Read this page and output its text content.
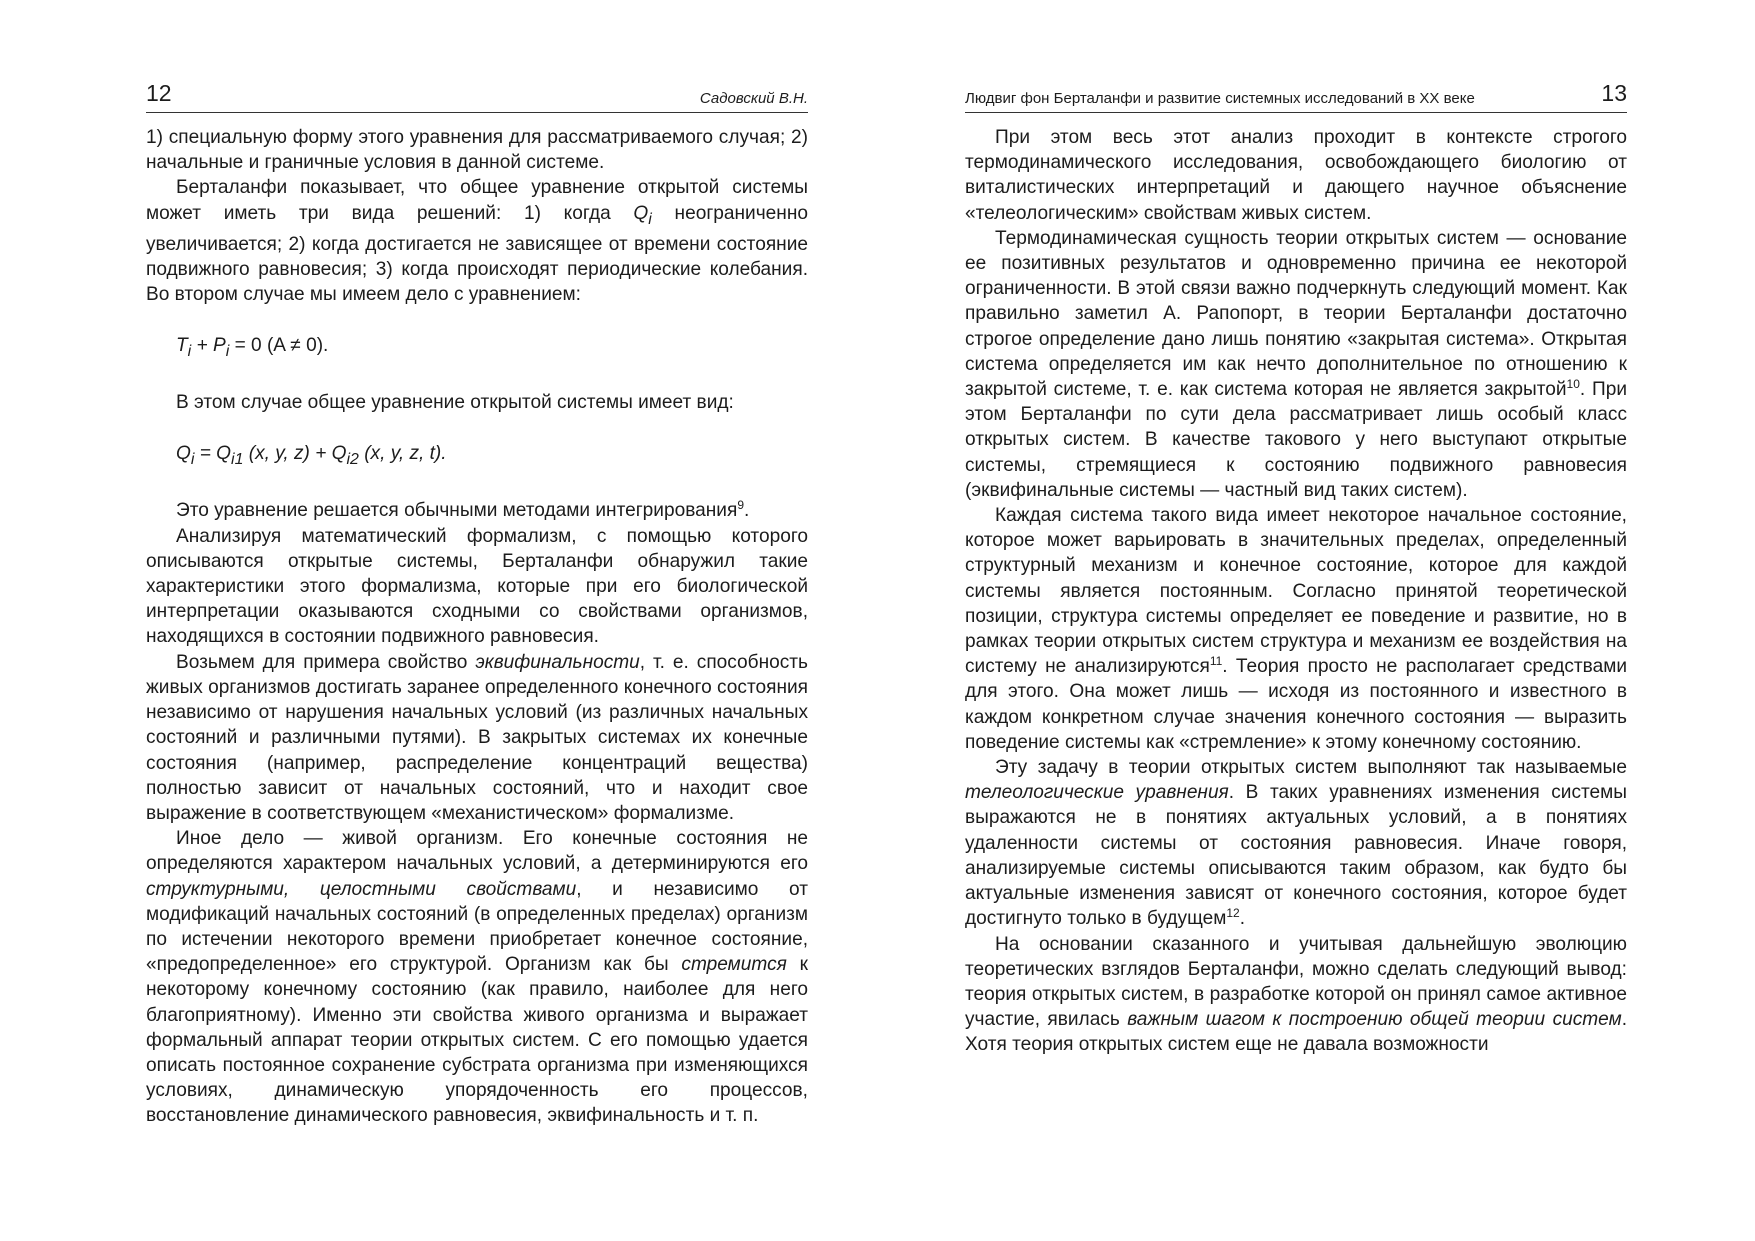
12	Садовский В.Н.

1) специальную форму этого уравнения для рассматриваемого случая; 2) начальные и граничные условия в данной системе.

Берталанфи показывает, что общее уравнение открытой системы может иметь три вида решений: 1) когда $Q_i$ неограниченно увеличивается; 2) когда достигается не зависящее от времени состояние подвижного равновесия; 3) когда происходят периодические колебания. Во втором случае мы имеем дело с уравнением:

$T_i + P_i = 0$ (A ≠ 0).

В этом случае общее уравнение открытой системы имеет вид:

$Q_i = Q_{i1}$ (x, y, $z) + Q_{i2}$ (x, y, z, t).

Это уравнение решается обычными методами интегрирования$^9$.

Анализируя математический формализм, с помощью которого описываются открытые системы, Берталанфи обнаружил такие характеристики этого формализма, которые при его биологической интерпретации оказываются сходными со свойствами организмов, находящихся в состоянии подвижного равновесия.

Возьмем для примера свойство эквифинальности, т. е. способность живых организмов достигать заранее определенного конечного состояния независимо от нарушения начальных условий (из различных начальных состояний и различными путями). В закрытых системах их конечные состояния (например, распределение концентраций вещества) полностью зависит от начальных состояний, что и находит свое выражение в соответствующем «механистическом» формализме.

Иное дело — живой организм. Его конечные состояния не определяются характером начальных условий, а детерминируются его структурными, целостными свойствами, и независимо от модификаций начальных состояний (в определенных пределах) организм по истечении некоторого времени приобретает конечное состояние, «предопределенное» его структурой. Организм как бы стремится к некоторому конечному состоянию (как правило, наиболее для него благоприятному). Именно эти свойства живого организма и выражает формальный аппарат теории открытых систем. С его помощью удается описать постоянное сохранение субстрата организма при изменяющихся условиях, динамическую упорядоченность его процессов, восстановление динамического равновесия, эквифинальность и т. п.

Людвиг фон Берталанфи и развитие системных исследований в XX веке	13

При этом весь этот анализ проходит в контексте строгого термодинамического исследования, освобождающего биологию от виталистических интерпретаций и дающего научное объяснение «телеологическим» свойствам живых систем.

Термодинамическая сущность теории открытых систем — основание ее позитивных результатов и одновременно причина ее некоторой ограниченности. В этой связи важно подчеркнуть следующий момент. Как правильно заметил А. Рапопорт, в теории Берталанфи достаточно строгое определение дано лишь понятию «закрытая система». Открытая система определяется им как нечто дополнительное по отношению к закрытой системе, т. е. как система которая не является закрытой$^{10}$. При этом Берталанфи по сути дела рассматривает лишь особый класс открытых систем. В качестве такового у него выступают открытые системы, стремящиеся к состоянию подвижного равновесия (эквифинальные системы — частный вид таких систем).

Каждая система такого вида имеет некоторое начальное состояние, которое может варьировать в значительных пределах, определенный структурный механизм и конечное состояние, которое для каждой системы является постоянным. Согласно принятой теоретической позиции, структура системы определяет ее поведение и развитие, но в рамках теории открытых систем структура и механизм ее воздействия на систему не анализируются$^{11}$. Теория просто не располагает средствами для этого. Она может лишь — исходя из постоянного и известного в каждом конкретном случае значения конечного состояния — выразить поведение системы как «стремление» к этому конечному состоянию.

Эту задачу в теории открытых систем выполняют так называемые телеологические уравнения. В таких уравнениях изменения системы выражаются не в понятиях актуальных условий, а в понятиях удаленности системы от состояния равновесия. Иначе говоря, анализируемые системы описываются таким образом, как будто бы актуальные изменения зависят от конечного состояния, которое будет достигнуто только в будущем$^{12}$.

На основании сказанного и учитывая дальнейшую эволюцию теоретических взглядов Берталанфи, можно сделать следующий вывод: теория открытых систем, в разработке которой он принял самое активное участие, явилась важным шагом к построению общей теории систем. Хотя теория открытых систем еще не давала возможности
